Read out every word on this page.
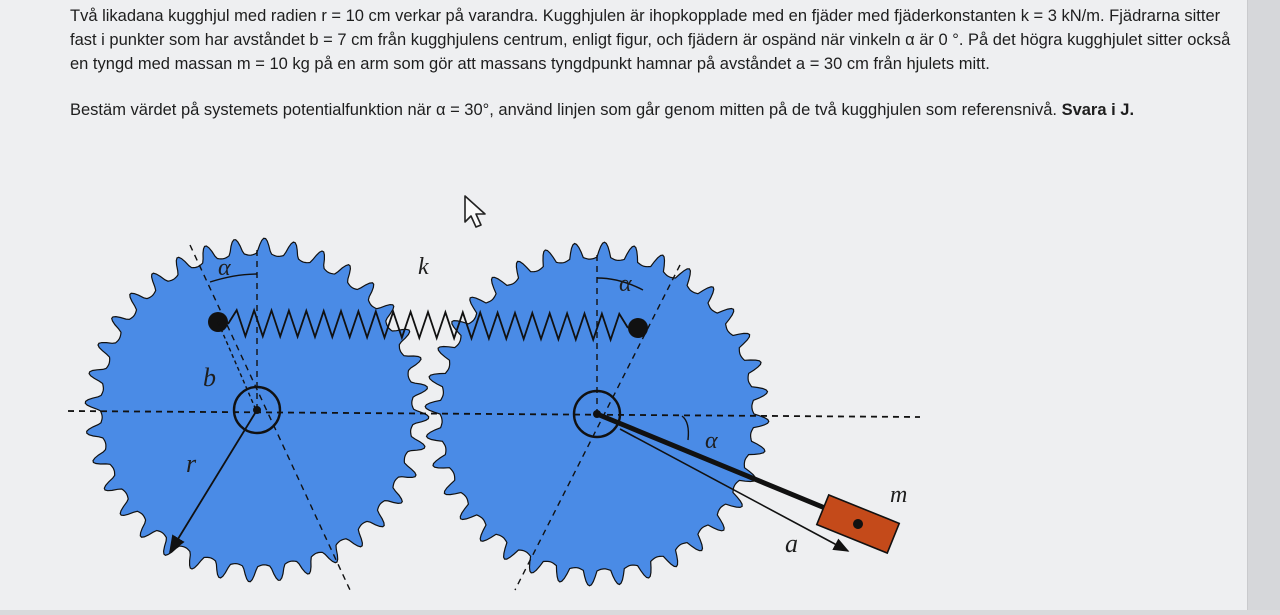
Två likadana kugghjul med radien r = 10 cm verkar på varandra. Kugghjulen är ihopkopplade med en fjäder med fjäderkonstanten k = 3 kN/m. Fjädrarna sitter fast i punkter som har avståndet b = 7 cm från kugghjulens centrum, enligt figur, och fjädern är ospänd när vinkeln α är 0 °. På det högra kugghjulet sitter också en tyngd med massan m = 10 kg på en arm som gör att massans tyngdpunkt hamnar på avståndet a = 30 cm från hjulets mitt.

Bestäm värdet på systemets potentialfunktion när α = 30°, använd linjen som går genom mitten på de två kugghjulen som referensnivå. Svara i J.

α	k
α
b
α
r
m
a
